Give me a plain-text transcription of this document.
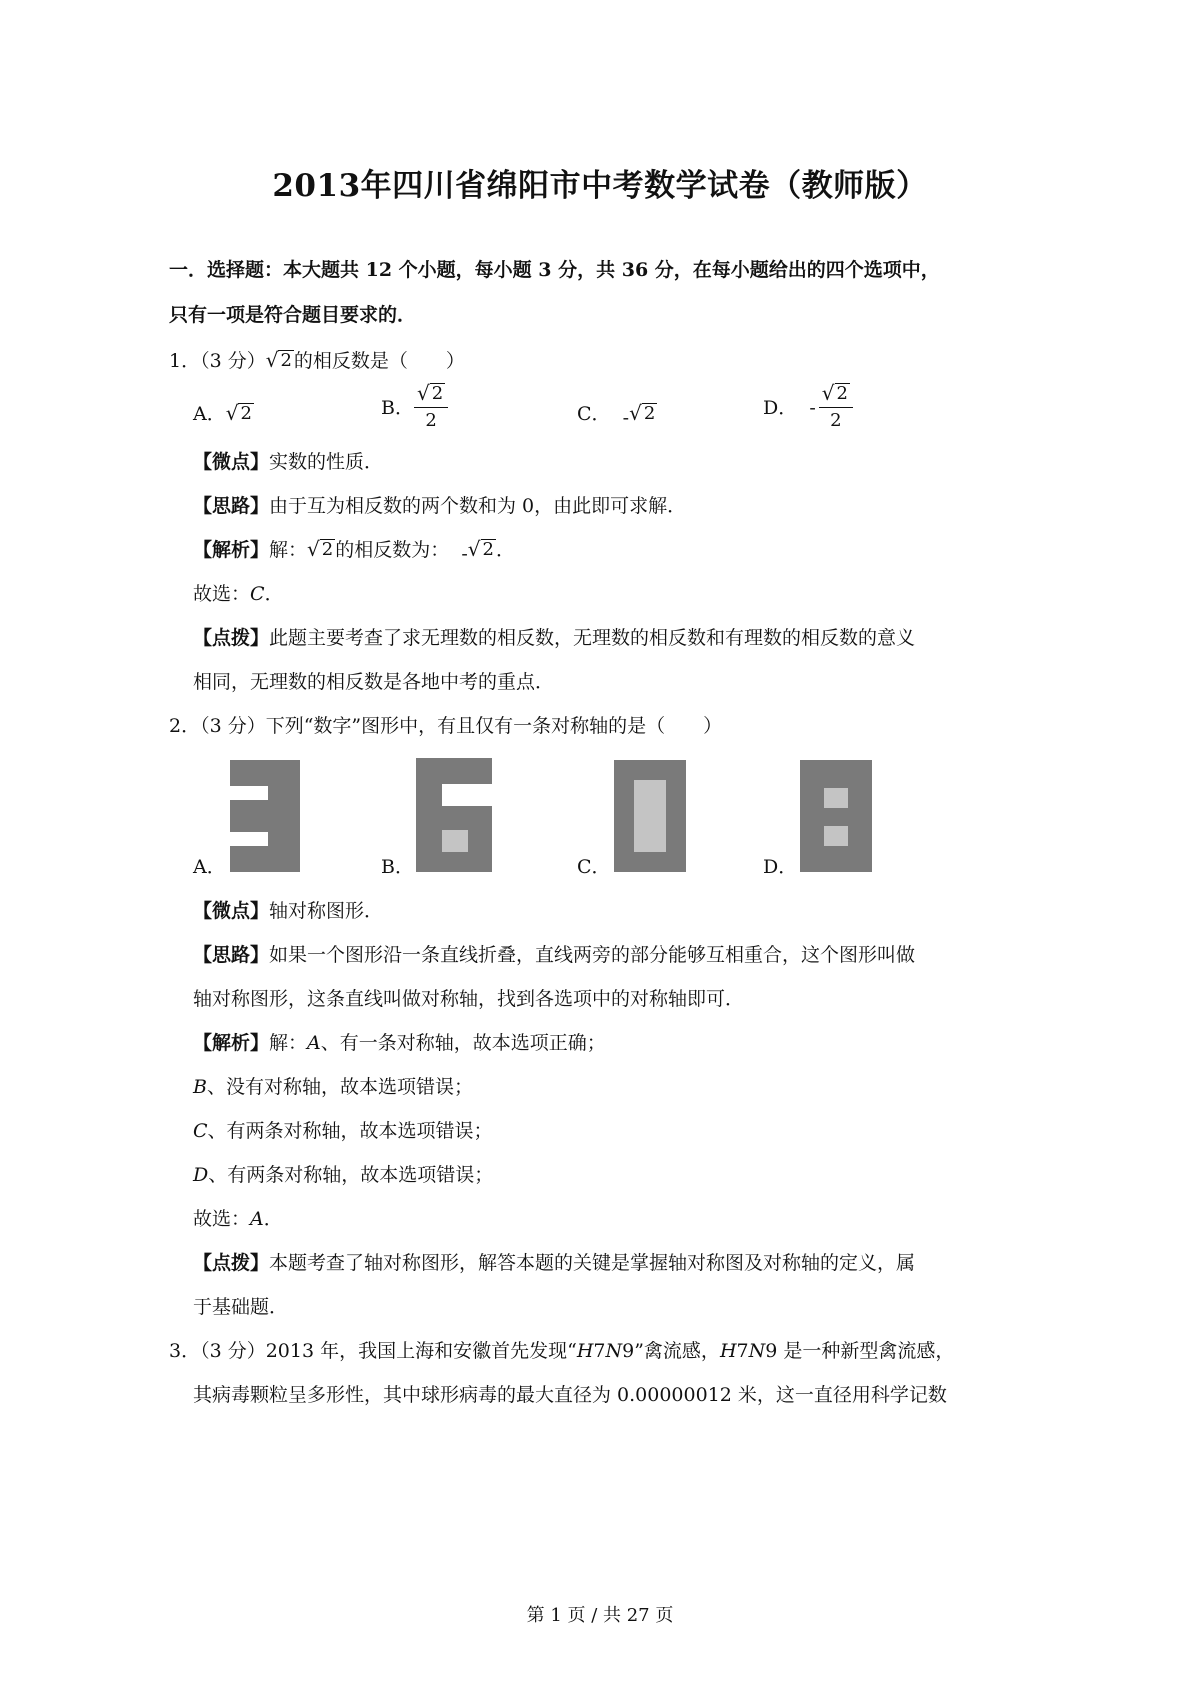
2013年四川省绵阳市中考数学试卷（教师版）
一．选择题：本大题共 12 个小题，每小题 3 分，共 36 分，在每小题给出的四个选项中，
只有一项是符合题目要求的．
1．（3 分） √ 2 的相反数是（　　）
A． √ 2	B． $\frac{√ 2}{2}$	C． - √ 2	D．
- $\frac{√ 2}{2}$
【微点】实数的性质．
【思路】由于互为相反数的两个数和为 0，由此即可求解．
【解析】解： √ 2 的相反数为： - √ 2 ．
故选：C．
【点拨】此题主要考查了求无理数的相反数，无理数的相反数和有理数的相反数的意义
相同，无理数的相反数是各地中考的重点．
2．（3 分）下列“数字”图形中，有且仅有一条对称轴的是（　　）
A．	B．	C．	D．
【微点】轴对称图形．
【思路】如果一个图形沿一条直线折叠，直线两旁的部分能够互相重合，这个图形叫做
轴对称图形，这条直线叫做对称轴，找到各选项中的对称轴即可．
【解析】解：A、有一条对称轴，故本选项正确；
B、没有对称轴，故本选项错误；
C、有两条对称轴，故本选项错误；
D、有两条对称轴，故本选项错误；
故选：A．
【点拨】本题考查了轴对称图形，解答本题的关键是掌握轴对称图及对称轴的定义，属
于基础题．
3．（3 分）2013 年，我国上海和安徽首先发现“H7N9”禽流感，H7N9 是一种新型禽流感，
其病毒颗粒呈多形性，其中球形病毒的最大直径为 0.00000012 米，这一直径用科学记数
第 1 页 / 共 27 页
